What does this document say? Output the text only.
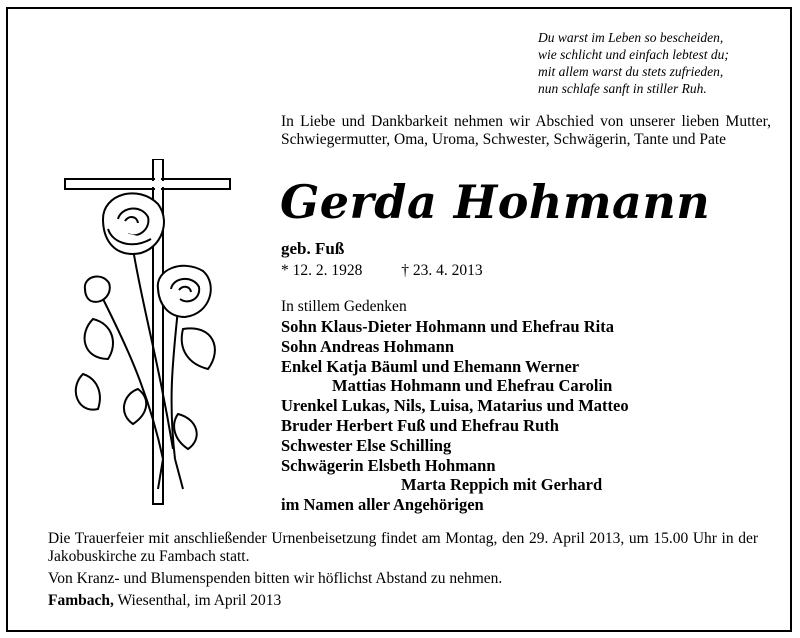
Du warst im Leben so bescheiden,
wie schlicht und einfach lebtest du;
mit allem warst du stets zufrieden,
nun schlafe sanft in stiller Ruh.
In Liebe und Dankbarkeit nehmen wir Abschied von unserer lieben Mutter, Schwiegermutter, Oma, Uroma, Schwester, Schwägerin, Tante und Pate
Gerda Hohmann
geb. Fuß
* 12. 2. 1928	† 23. 4. 2013
In stillem Gedenken
Sohn Klaus-Dieter Hohmann und Ehefrau Rita
Sohn Andreas Hohmann
Enkel Katja Bäuml und Ehemann Werner
Mattias Hohmann und Ehefrau Carolin
Urenkel Lukas, Nils, Luisa, Matarius und Matteo
Bruder Herbert Fuß und Ehefrau Ruth
Schwester Else Schilling
Schwägerin Elsbeth Hohmann
Marta Reppich mit Gerhard
im Namen aller Angehörigen

Die Trauerfeier mit anschließender Urnenbeisetzung findet am Montag, den 29. April 2013, um 15.00 Uhr in der Jakobuskirche zu Fambach statt.

Von Kranz- und Blumenspenden bitten wir höflichst Abstand zu nehmen.

Fambach, Wiesenthal, im April 2013
